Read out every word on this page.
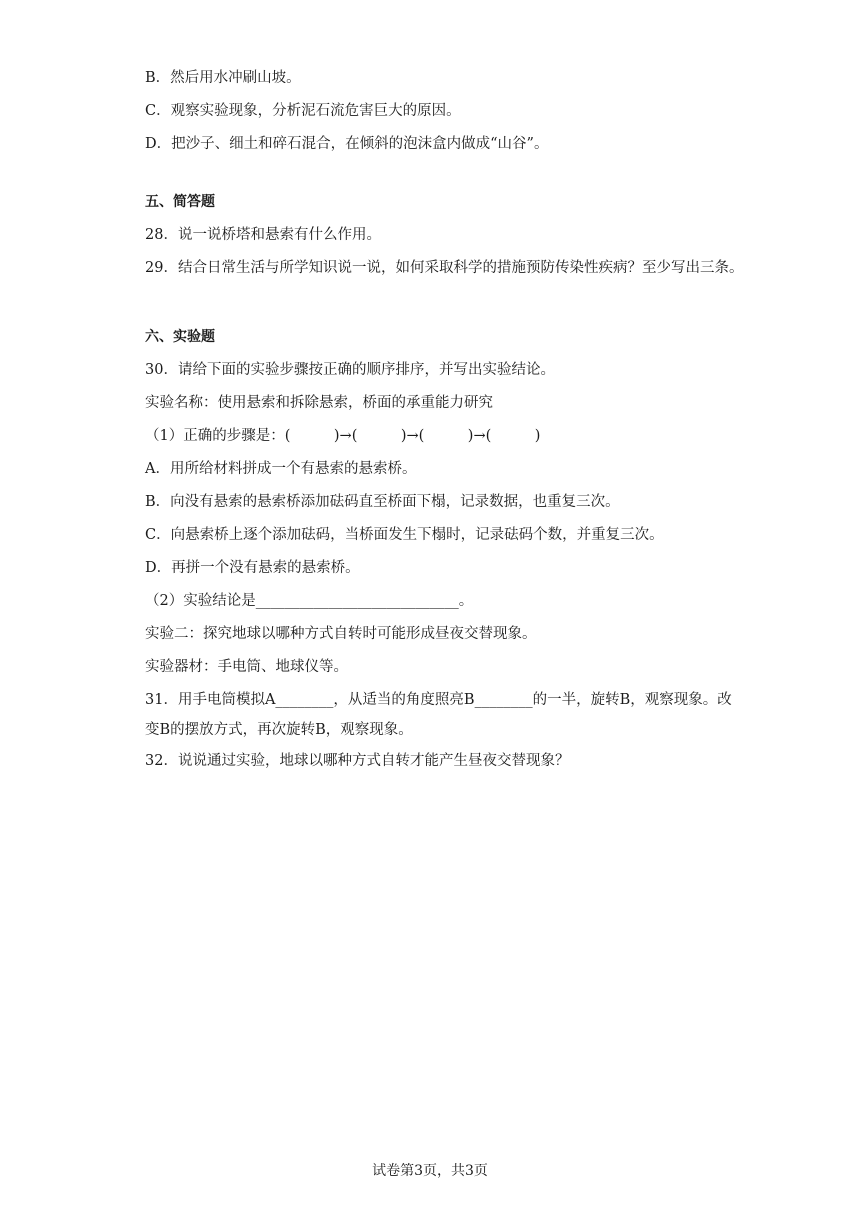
B．然后用水冲刷山坡。
C．观察实验现象，分析泥石流危害巨大的原因。
D．把沙子、细土和碎石混合，在倾斜的泡沫盒内做成“山谷”。
五、简答题
28．说一说桥塔和悬索有什么作用。
29．结合日常生活与所学知识说一说，如何采取科学的措施预防传染性疾病？至少写出三条。
六、实验题
30．请给下面的实验步骤按正确的顺序排序，并写出实验结论。
实验名称：使用悬索和拆除悬索，桥面的承重能力研究
（1）正确的步骤是：(　　　)→(　　　)→(　　　)→(　　　)
A．用所给材料拼成一个有悬索的悬索桥。
B．向没有悬索的悬索桥添加砝码直至桥面下榻，记录数据，也重复三次。
C．向悬索桥上逐个添加砝码，当桥面发生下榻时，记录砝码个数，并重复三次。
D．再拼一个没有悬索的悬索桥。
（2）实验结论是____________________________。
实验二：探究地球以哪种方式自转时可能形成昼夜交替现象。
实验器材：手电筒、地球仪等。
31．用手电筒模拟A________，从适当的角度照亮B________的一半，旋转B，观察现象。改变B的摆放方式，再次旋转B，观察现象。
32．说说通过实验，地球以哪种方式自转才能产生昼夜交替现象？
试卷第3页，共3页
